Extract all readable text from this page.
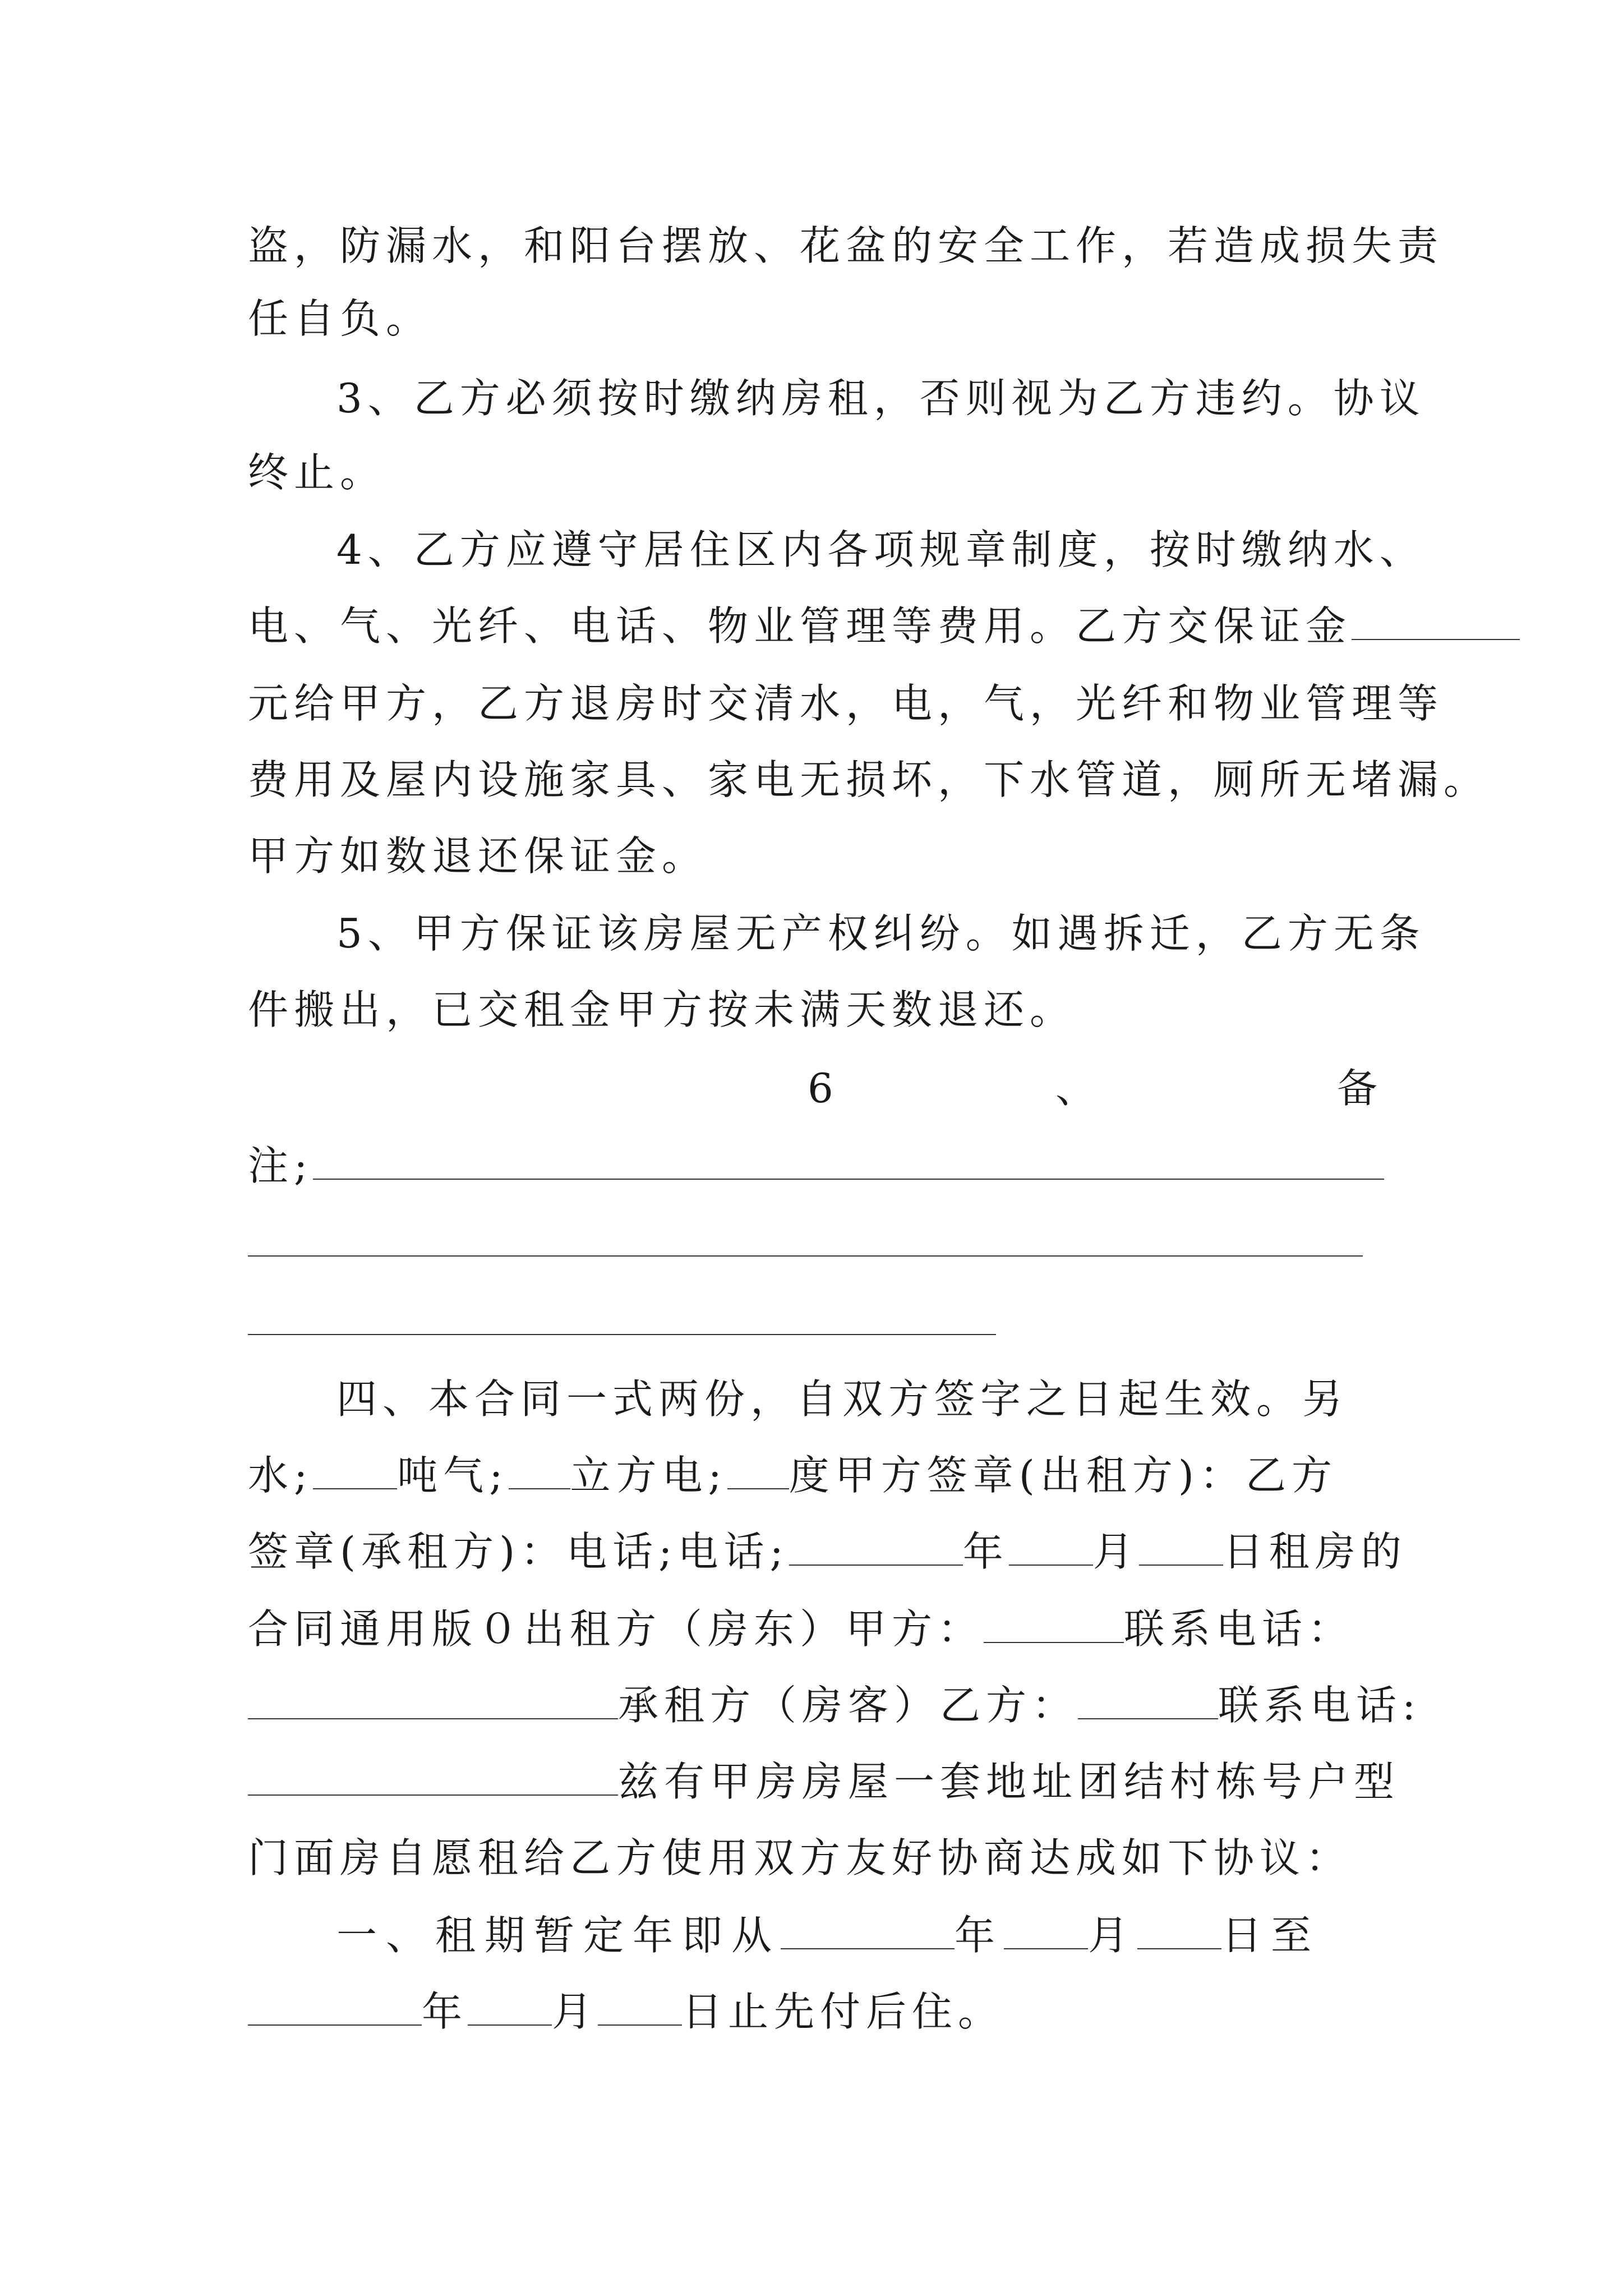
盗，防漏水，和阳台摆放、花盆的安全工作，若造成损失责
任自负。
3、乙方必须按时缴纳房租，否则视为乙方违约。协议
终止。
4、乙方应遵守居住区内各项规章制度，按时缴纳水、
电、气、光纤、电话、物业管理等费用。乙方交保证金
元给甲方，乙方退房时交清水，电，气，光纤和物业管理等
费用及屋内设施家具、家电无损坏，下水管道，厕所无堵漏。
甲方如数退还保证金。
5、甲方保证该房屋无产权纠纷。如遇拆迁，乙方无条
件搬出，已交租金甲方按未满天数退还。
6	、	备
注;
四、本合同一式两份，自双方签字之日起生效。另
水; 吨气; 立方电; 度甲方签章(出租方)：乙方
签章(承租方)：电话;电话;	年 月 日租房的
合同通用版０出租方（房东）甲方：	联系电话：
承租方（房客）乙方：	联系电话:
兹有甲房房屋一套地址团结村栋号户型
门面房自愿租给乙方使用双方友好协商达成如下协议：
一、租期暂定年即从	年 月 日至
年 月 日止先付后住。
